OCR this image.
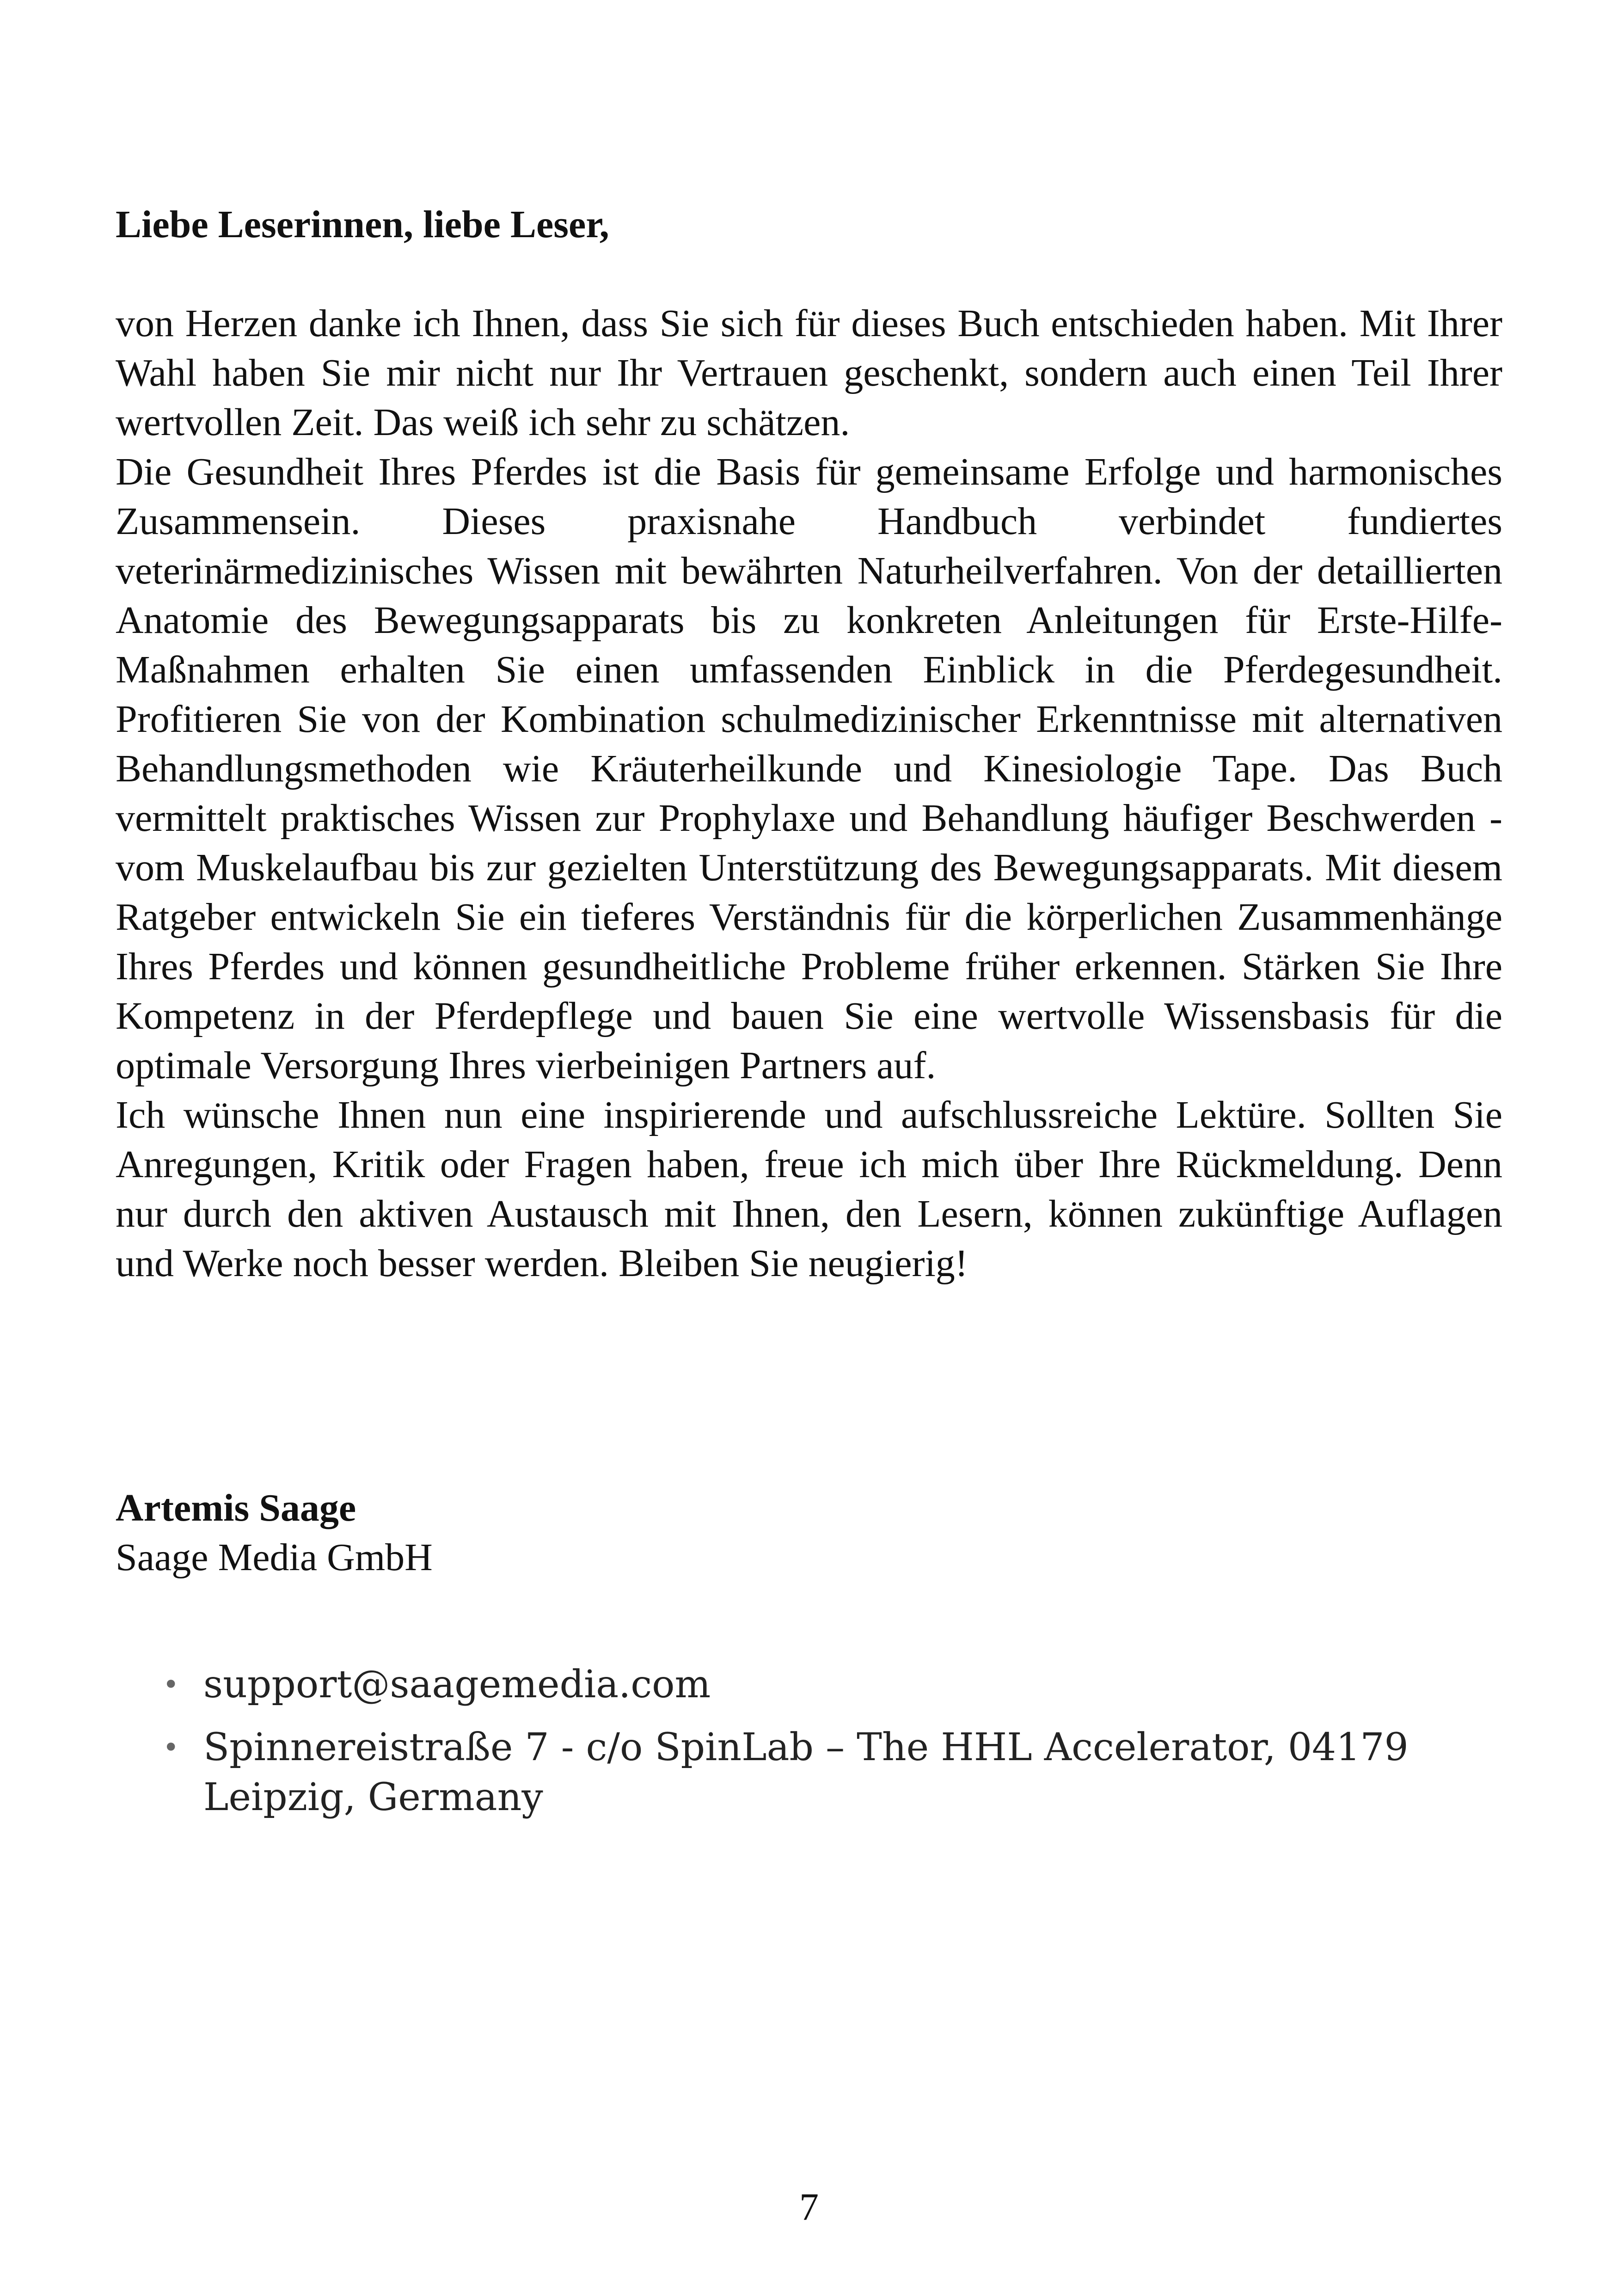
Liebe Leserinnen, liebe Leser,

von Herzen danke ich Ihnen, dass Sie sich für dieses Buch entschieden haben. Mit Ihrer Wahl haben Sie mir nicht nur Ihr Vertrauen geschenkt, sondern auch einen Teil Ihrer wertvollen Zeit. Das weiß ich sehr zu schätzen.

Die Gesundheit Ihres Pferdes ist die Basis für gemeinsame Erfolge und harmonisches Zusammensein. Dieses praxisnahe Handbuch verbindet fundiertes veterinärmedizinisches Wissen mit bewährten Naturheilverfahren. Von der detaillierten Anatomie des Bewegungsapparats bis zu konkreten Anleitungen für Erste-Hilfe-Maßnahmen erhalten Sie einen umfassenden Einblick in die Pferdegesundheit. Profitieren Sie von der Kombination schulmedizinischer Erkenntnisse mit alternativen Behandlungsmethoden wie Kräuterheilkunde und Kinesiologie Tape. Das Buch vermittelt praktisches Wissen zur Prophylaxe und Behandlung häufiger Beschwerden - vom Muskelaufbau bis zur gezielten Unterstützung des Bewegungsapparats. Mit diesem Ratgeber entwickeln Sie ein tieferes Verständnis für die körperlichen Zusammenhänge Ihres Pferdes und können gesundheitliche Probleme früher erkennen. Stärken Sie Ihre Kompetenz in der Pferdepflege und bauen Sie eine wertvolle Wissensbasis für die optimale Versorgung Ihres vierbeinigen Partners auf.

Ich wünsche Ihnen nun eine inspirierende und aufschlussreiche Lektüre. Sollten Sie Anregungen, Kritik oder Fragen haben, freue ich mich über Ihre Rückmeldung. Denn nur durch den aktiven Austausch mit Ihnen, den Lesern, können zukünftige Auflagen und Werke noch besser werden. Bleiben Sie neugierig!

Artemis Saage
Saage Media GmbH
• support@saagemedia.com
• Spinnereistraße 7 - c/o SpinLab – The HHL Accelerator, 04179 Leipzig, Germany
7
